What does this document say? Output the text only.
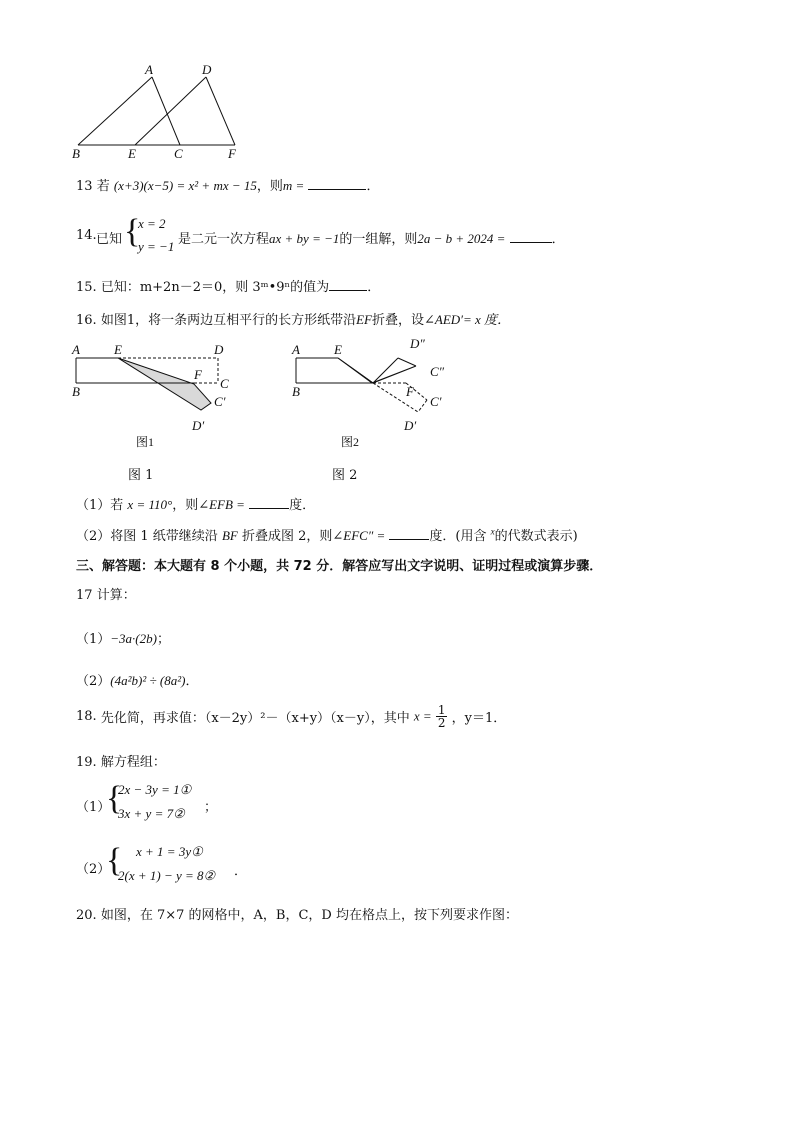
A	D
B	E	C	F
13 若 (x+3)(x−5) = x² + mx − 15，则m =	．
14. 已知 {
x = 2
y = −1 是二元一次方程ax + by = −1的一组解，则2a − b + 2024 =	．
15. 已知：m+2n－2＝0，则 3ᵐ•9ⁿ的值为	．
16. 如图1，将一条两边互相平行的长方形纸带沿EF折叠，设∠AED′= x 度．
A	E	D
F
C
B
C′
D′
图1
A	E	D″
C″
B	F
C′
D′
图2
图 1	图 2
（1）若 x = 110°，则∠EFB =	度．
（2）将图 1 纸带继续沿 BF 折叠成图 2，则∠EFC″ =	度．(用含 $^x$的代数式表示)
三、解答题：本大题有 8 个小题，共 72 分．解答应写出文字说明、证明过程或演算步骤．
17 计算：
（1）−3a·(2b)；
（2）(4a²b)² ÷ (8a²)．
18. 先化简，再求值：（x－2y）²－（x+y）（x－y），其中 $x = \frac{1}{2}$ ，y＝1．
19. 解方程组：
（1）
{
2x − 3y = 1①
3x + y = 7② ；
（2）
{ x + 1 = 3y①
2(x + 1) − y = 8② ．
20. 如图，在 7×7 的网格中，A，B，C，D 均在格点上，按下列要求作图：
